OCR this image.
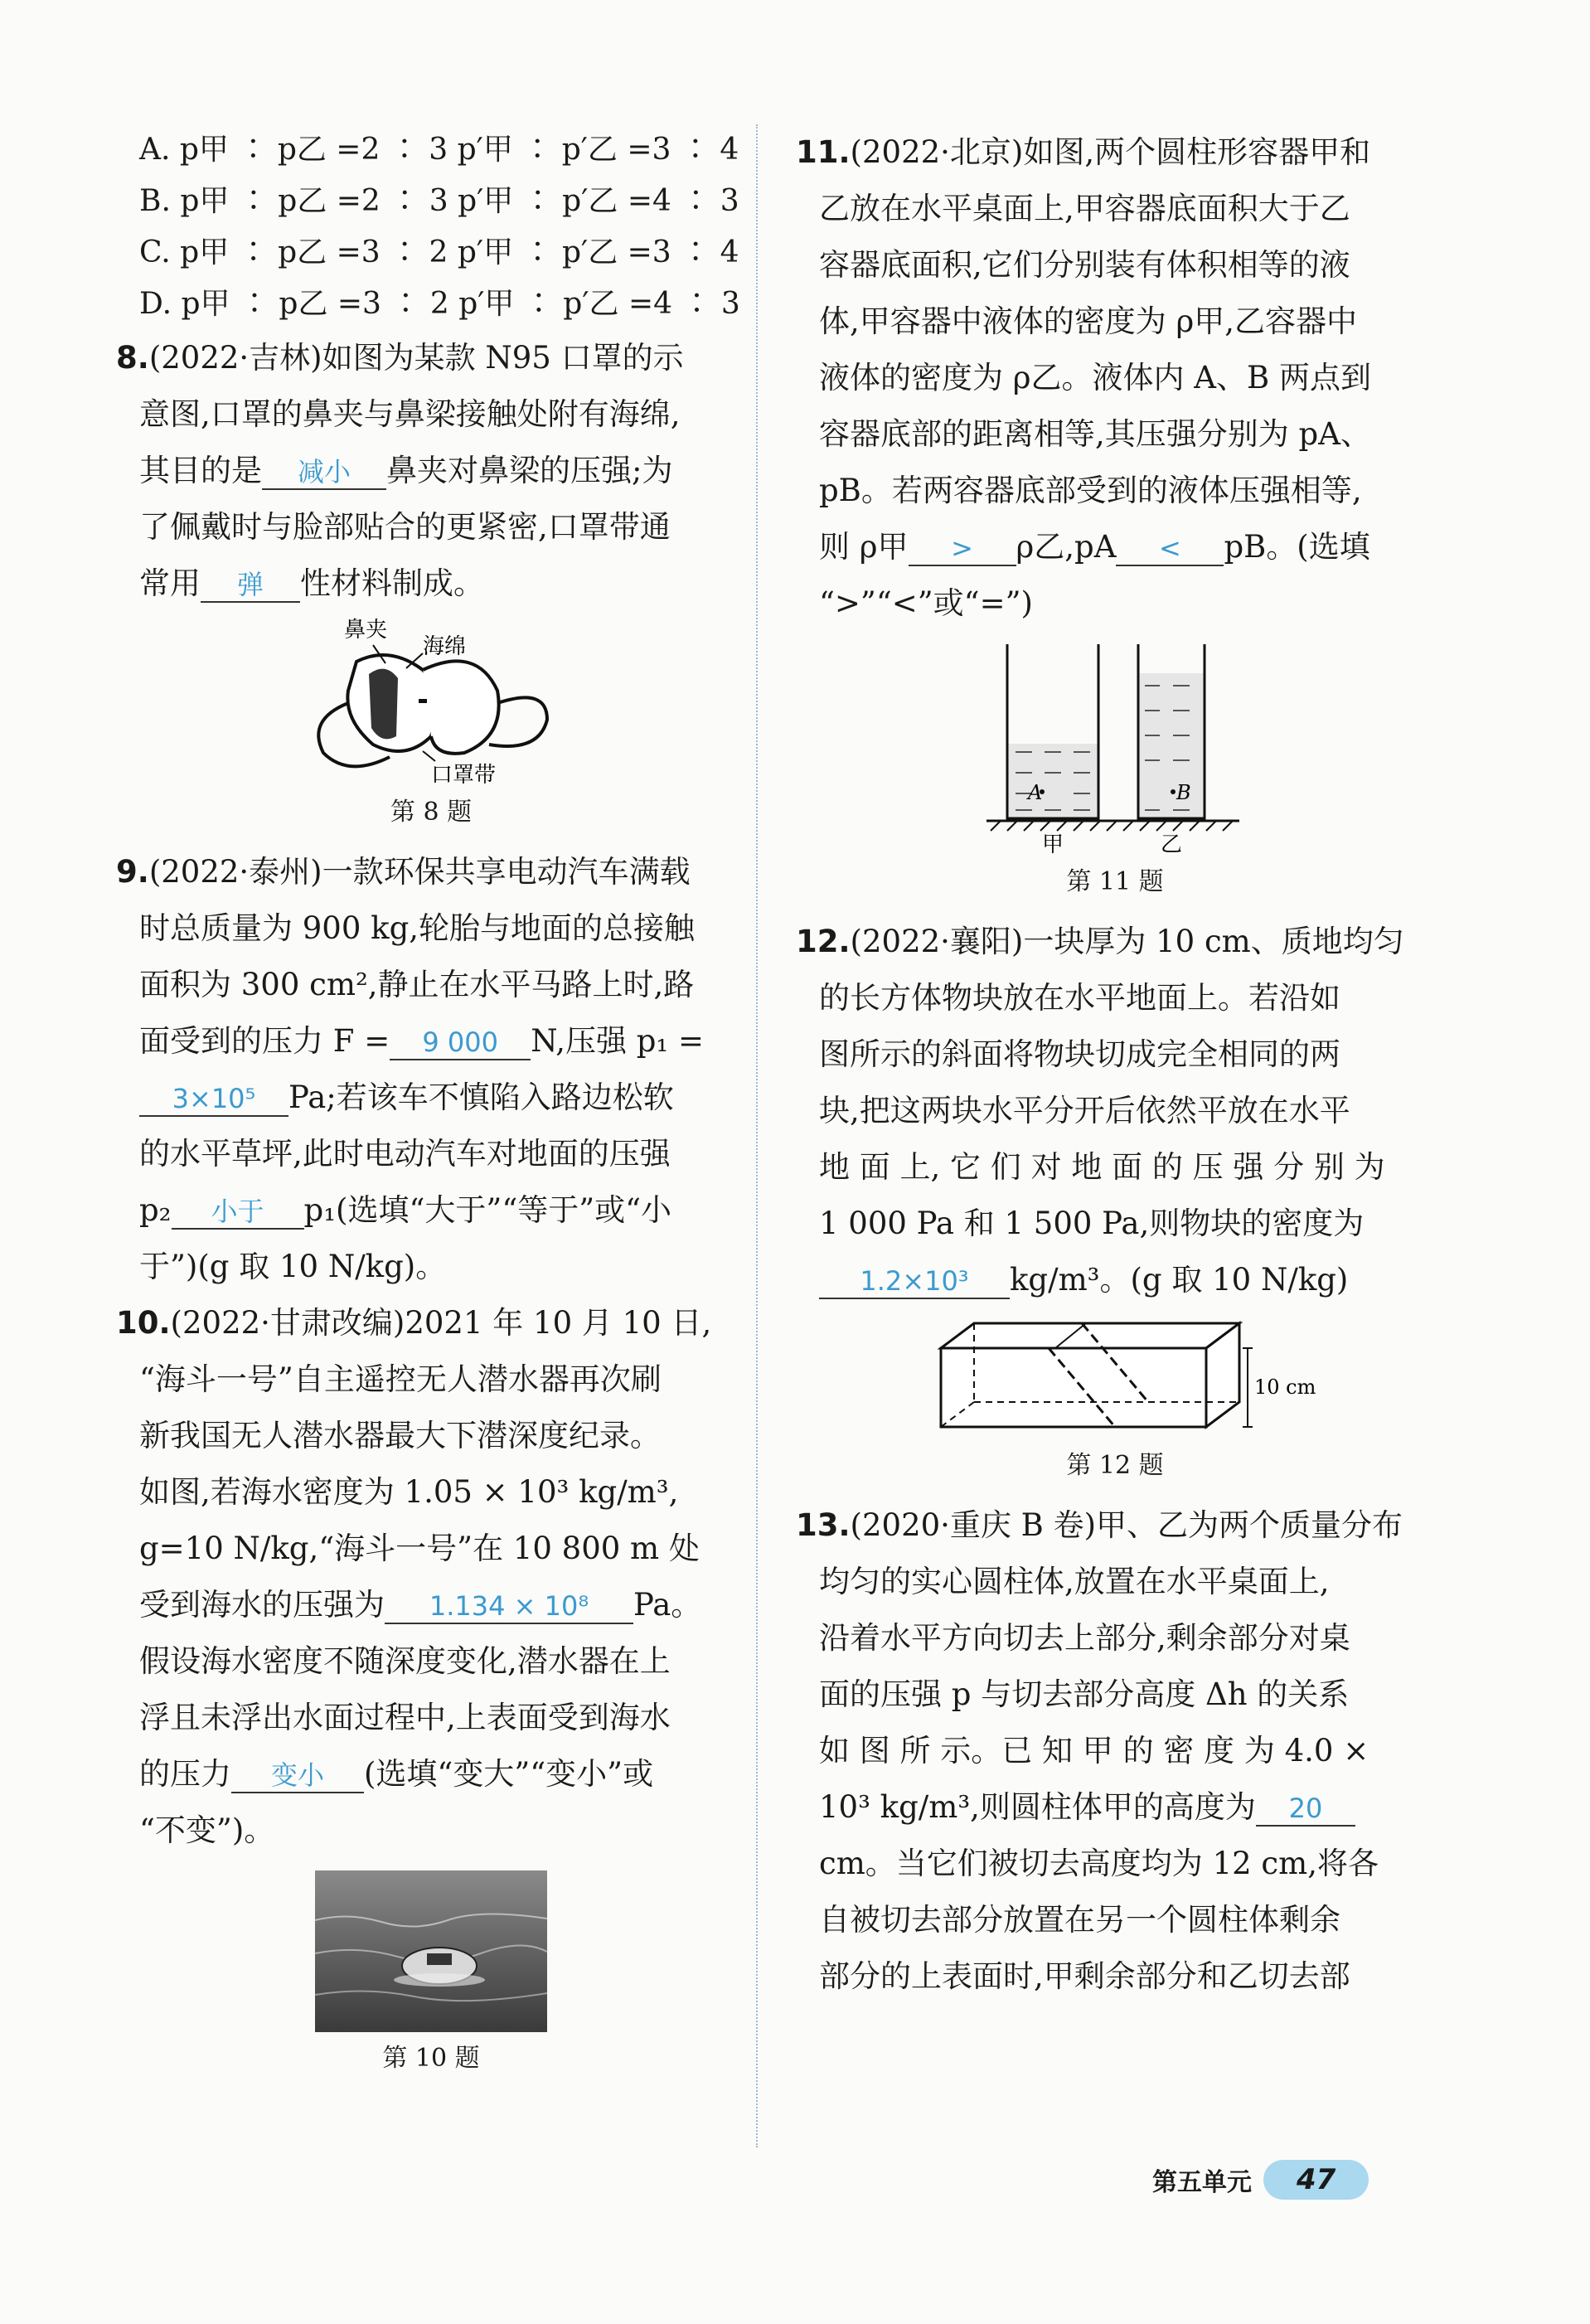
A. p甲 ∶ p乙 =2 ∶ 3 p′甲 ∶ p′乙 =3 ∶ 4
B. p甲 ∶ p乙 =2 ∶ 3 p′甲 ∶ p′乙 =4 ∶ 3
C. p甲 ∶ p乙 =3 ∶ 2 p′甲 ∶ p′乙 =3 ∶ 4
D. p甲 ∶ p乙 =3 ∶ 2 p′甲 ∶ p′乙 =4 ∶ 3
8.(2022·吉林)如图为某款 N95 口罩的示
意图,口罩的鼻夹与鼻梁接触处附有海绵,
其目的是 减小 鼻夹对鼻梁的压强;为
了佩戴时与脸部贴合的更紧密,口罩带通
常用 弹 性材料制成。
鼻夹
海绵
口罩带
第 8 题
9.(2022·泰州)一款环保共享电动汽车满载
时总质量为 900 kg,轮胎与地面的总接触
面积为 300 cm²,静止在水平马路上时,路
面受到的压力 F = 9 000 N,压强 p₁ =
3×10⁵ Pa;若该车不慎陷入路边松软
的水平草坪,此时电动汽车对地面的压强
p₂ 小于 p₁(选填“大于”“等于”或“小
于”)(g 取 10 N/kg)。
10.(2022·甘肃改编)2021 年 10 月 10 日,
“海斗一号”自主遥控无人潜水器再次刷
新我国无人潜水器最大下潜深度纪录。
如图,若海水密度为 1.05 × 10³ kg/m³,
g=10 N/kg,“海斗一号”在 10 800 m 处
受到海水的压强为 1.134 × 10⁸ Pa。
假设海水密度不随深度变化,潜水器在上
浮且未浮出水面过程中,上表面受到海水
的压力 变小 (选填“变大”“变小”或
“不变”)。
第 10 题
11.(2022·北京)如图,两个圆柱形容器甲和
乙放在水平桌面上,甲容器底面积大于乙
容器底面积,它们分别装有体积相等的液
体,甲容器中液体的密度为 ρ甲,乙容器中
液体的密度为 ρ乙。液体内 A、B 两点到
容器底部的距离相等,其压强分别为 pA、
pB。若两容器底部受到的液体压强相等,
则 ρ甲 > ρ乙,pA < pB。(选填
“>”“<”或“=”)
A	B
甲	乙
第 11 题
12.(2022·襄阳)一块厚为 10 cm、质地均匀
的长方体物块放在水平地面上。若沿如
图所示的斜面将物块切成完全相同的两
块,把这两块水平分开后依然平放在水平
地 面 上, 它 们 对 地 面 的 压 强 分 别 为
1 000 Pa 和 1 500 Pa,则物块的密度为
1.2×10³ kg/m³。(g 取 10 N/kg)
10 cm
第 12 题
13.(2020·重庆 B 卷)甲、乙为两个质量分布
均匀的实心圆柱体,放置在水平桌面上,
沿着水平方向切去上部分,剩余部分对桌
面的压强 p 与切去部分高度 Δh 的关系
如 图 所 示。已 知 甲 的 密 度 为 4.0 ×
10³ kg/m³,则圆柱体甲的高度为 20
cm。当它们被切去高度均为 12 cm,将各
自被切去部分放置在另一个圆柱体剩余
部分的上表面时,甲剩余部分和乙切去部
第五单元	47
